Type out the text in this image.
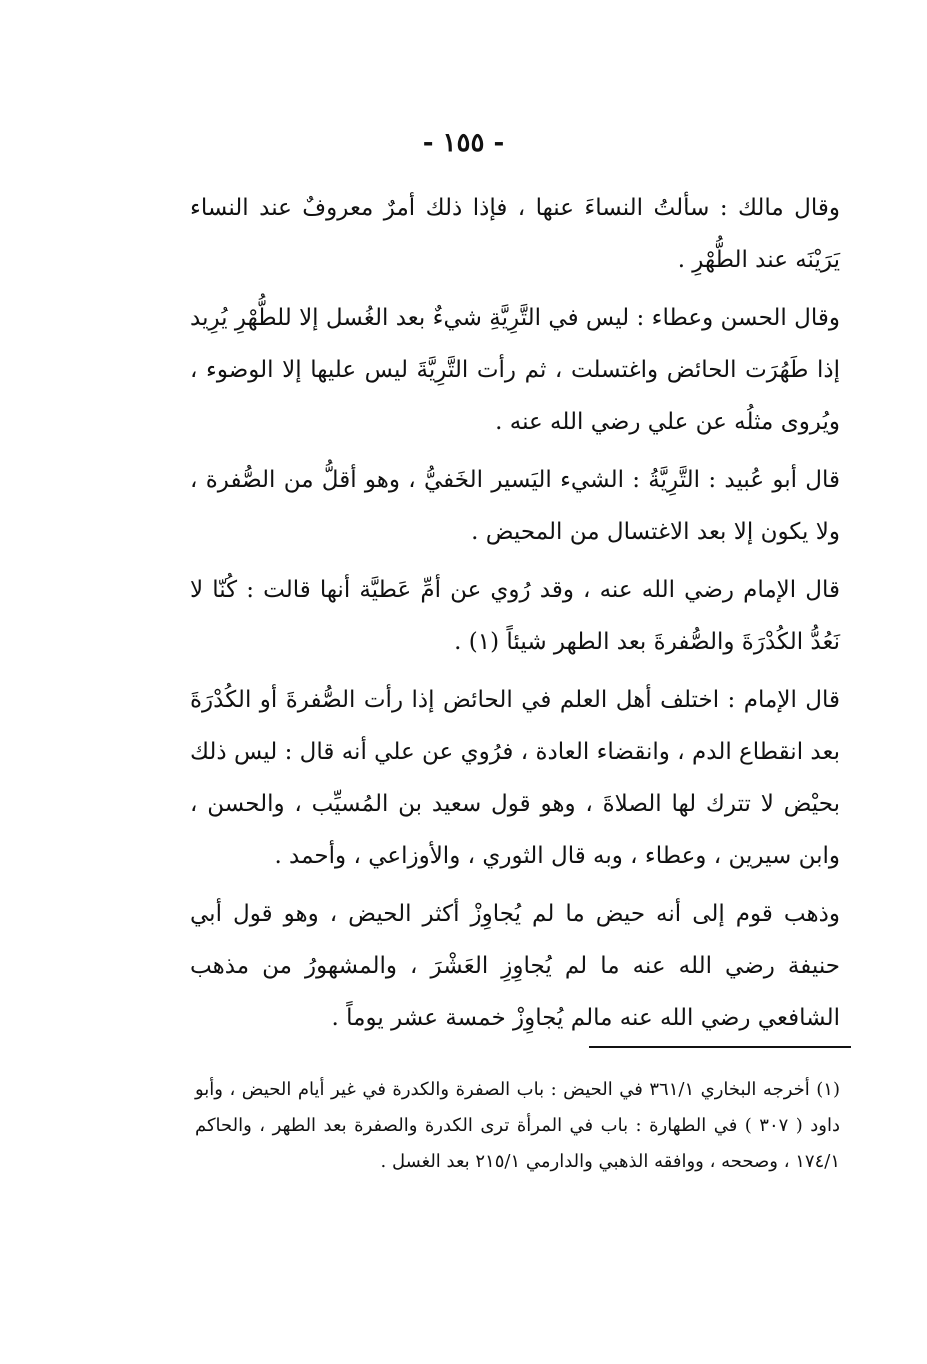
- ١٥٥ -

وقال مالك : سألتُ النساءَ عنها ، فإذا ذلك أمرٌ معروفٌ عند النساء يَرَيْنَه عند الطُّهْرِ .

وقال الحسن وعطاء : ليس في التَّرِيَّةِ شيءٌ بعد الغُسل إلا للطُّهْرِ يُرِيد إذا طَهُرَت الحائض واغتسلت ، ثم رأت التَّرِيَّةَ ليس عليها إلا الوضوء ، ويُروى مثلُه عن علي رضي الله عنه .

قال أبو عُبيد : التَّرِيَّةُ : الشيء اليَسير الخَفيُّ ، وهو أقلُّ من الصُّفرة ، ولا يكون إلا بعد الاغتسال من المحيض .

قال الإمام رضي الله عنه ، وقد رُوي عن أمِّ عَطيَّة أنها قالت : كُنّا لا نَعُدُّ الكُدْرَةَ والصُّفرةَ بعد الطهر شيئاً (١) .

قال الإمام : اختلف أهل العلم في الحائض إذا رأت الصُّفرةَ أو الكُدْرَةَ بعد انقطاع الدم ، وانقضاء العادة ، فرُوي عن علي أنه قال : ليس ذلك بحيْض لا تترك لها الصلاةَ ، وهو قول سعيد بن المُسيِّب ، والحسن ، وابن سيرين ، وعطاء ، وبه قال الثوري ، والأوزاعي ، وأحمد .

وذهب قوم إلى أنه حيض ما لم يُجاوِزْ أكثر الحيض ، وهو قول أبي حنيفة رضي الله عنه ما لم يُجاوِزِ العَشْرَ ، والمشهورُ من مذهب الشافعي رضي الله عنه مالم يُجاوِزْ خمسة عشر يوماً .

(١) أخرجه البخاري ٣٦١/١ في الحيض : باب الصفرة والكدرة في غير أيام الحيض ، وأبو داود ( ٣٠٧ ) في الطهارة : باب في المرأة ترى الكدرة والصفرة بعد الطهر ، والحاكم ١٧٤/١ ، وصححه ، ووافقه الذهبي والدارمي ٢١٥/١ بعد الغسل .
